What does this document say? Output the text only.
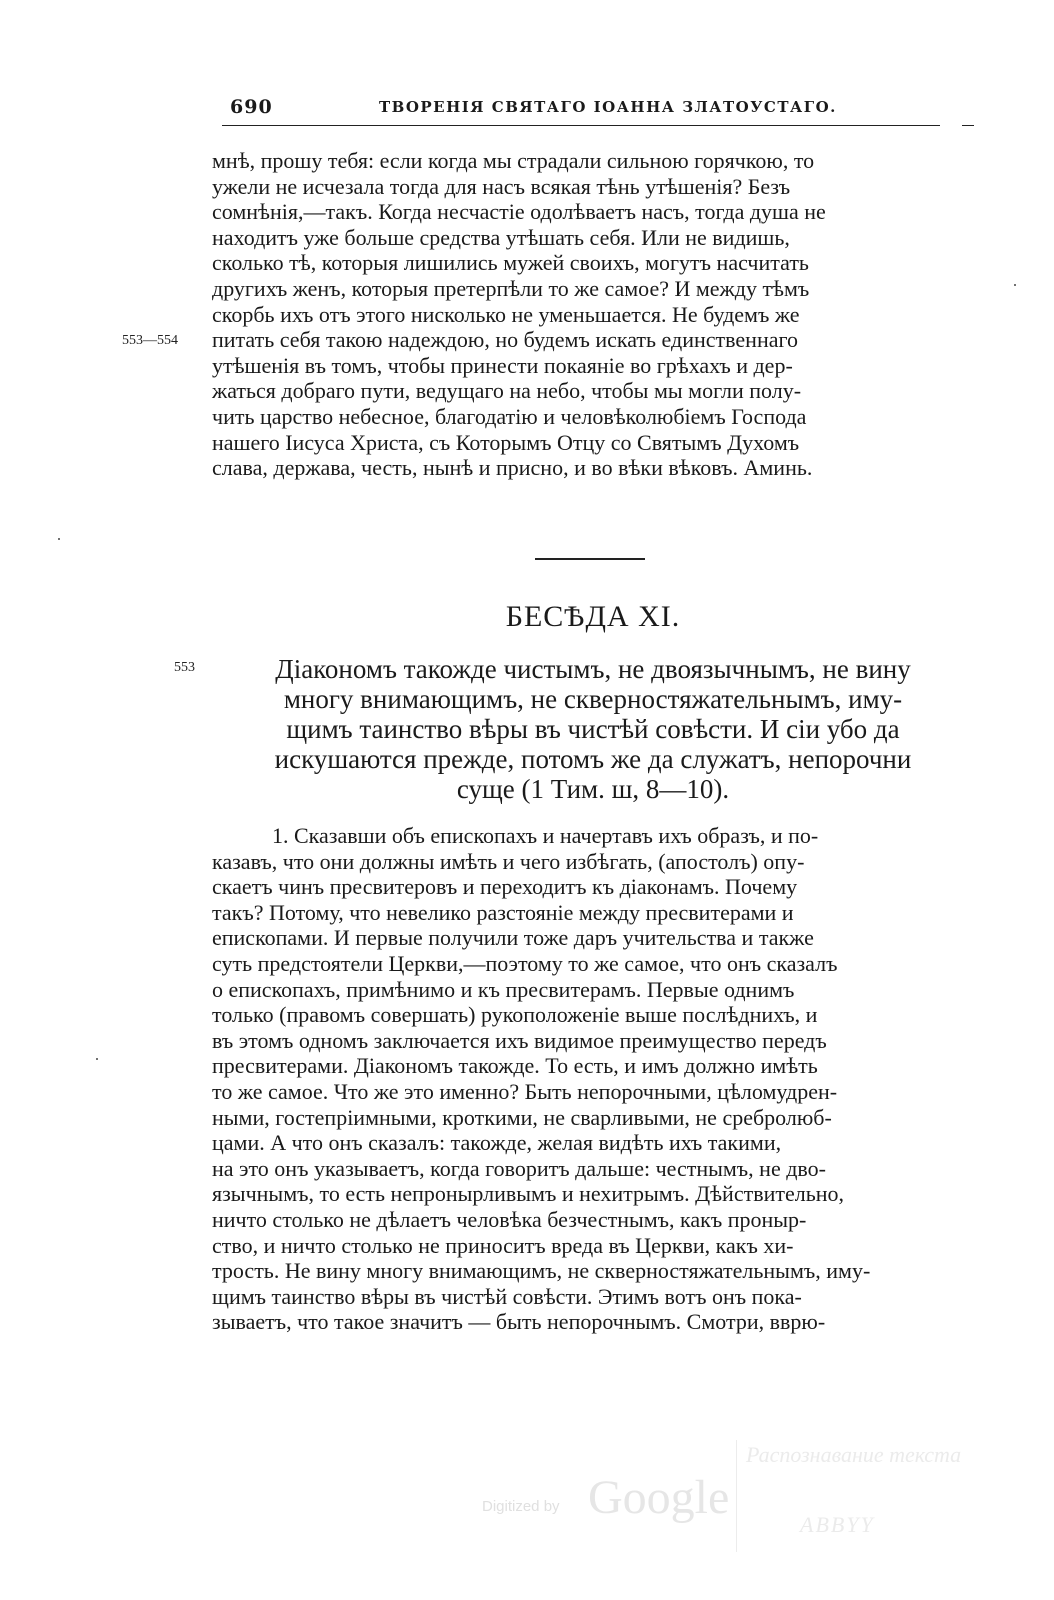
690	ТВОРЕНІЯ СВЯТАГО ІОАННА ЗЛАТОУСТАГО.
553—554
мнѣ, прошу тебя: если когда мы страдали сильною горячкою, то
ужели не исчезала тогда для насъ всякая тѣнь утѣшенія? Безъ
сомнѣнія,—такъ. Когда несчастіе одолѣваетъ насъ, тогда душа не
находитъ уже больше средства утѣшать себя. Или не видишь,
сколько тѣ, которыя лишились мужей своихъ, могутъ насчитать
другихъ женъ, которыя претерпѣли то же самое? И между тѣмъ
скорбь ихъ отъ этого нисколько не уменьшается. Не будемъ же
питать себя такою надеждою, но будемъ искать единственнаго
утѣшенія въ томъ, чтобы принести покаяніе во грѣхахъ и дер-
жаться добраго пути, ведущаго на небо, чтобы мы могли полу-
чить царство небесное, благодатію и человѣколюбіемъ Господа
нашего Іисуса Христа, съ Которымъ Отцу со Святымъ Духомъ
слава, держава, честь, нынѣ и присно, и во вѣки вѣковъ. Аминь.
БЕСѢДА XI.
553	Діакономъ такожде чистымъ, не двоязычнымъ, не вину
многу внимающимъ, не скверностяжательнымъ, иму-
щимъ таинство вѣры въ чистѣй совѣсти. И сіи убо да
искушаются прежде, потомъ же да служатъ, непорочни
суще (1 Тим. ш, 8—10).
1. Сказавши объ епископахъ и начертавъ ихъ образъ, и по-
казавъ, что они должны имѣть и чего избѣгать, (апостолъ) опу-
скаетъ чинъ пресвитеровъ и переходитъ къ діаконамъ. Почему
такъ? Потому, что невелико разстояніе между пресвитерами и
епископами. И первые получили тоже даръ учительства и также
суть предстоятели Церкви,—поэтому то же самое, что онъ сказалъ
о епископахъ, примѣнимо и къ пресвитерамъ. Первые однимъ
только (правомъ совершать) рукоположеніе выше послѣднихъ, и
въ этомъ одномъ заключается ихъ видимое преимущество передъ
пресвитерами. Діакономъ такожде. То есть, и имъ должно имѣть
то же самое. Что же это именно? Быть непорочными, цѣломудрен-
ными, гостепріимными, кроткими, не сварливыми, не сребролюб-
цами. А что онъ сказалъ: такожде, желая видѣть ихъ такими,
на это онъ указываетъ, когда говоритъ дальше: честнымъ, не дво-
язычнымъ, то есть непронырливымъ и нехитрымъ. Дѣйствительно,
ничто столько не дѣлаетъ человѣка безчестнымъ, какъ проныр-
ство, и ничто столько не приноситъ вреда въ Церкви, какъ хи-
трость. Не вину многу внимающимъ, не скверностяжательнымъ, иму-
щимъ таинство вѣры въ чистѣй совѣсти. Этимъ вотъ онъ пока-
зываетъ, что такое значитъ — быть непорочнымъ. Смотри, вврю-
Digitized by Google
Распознавание текста
ABBYY
